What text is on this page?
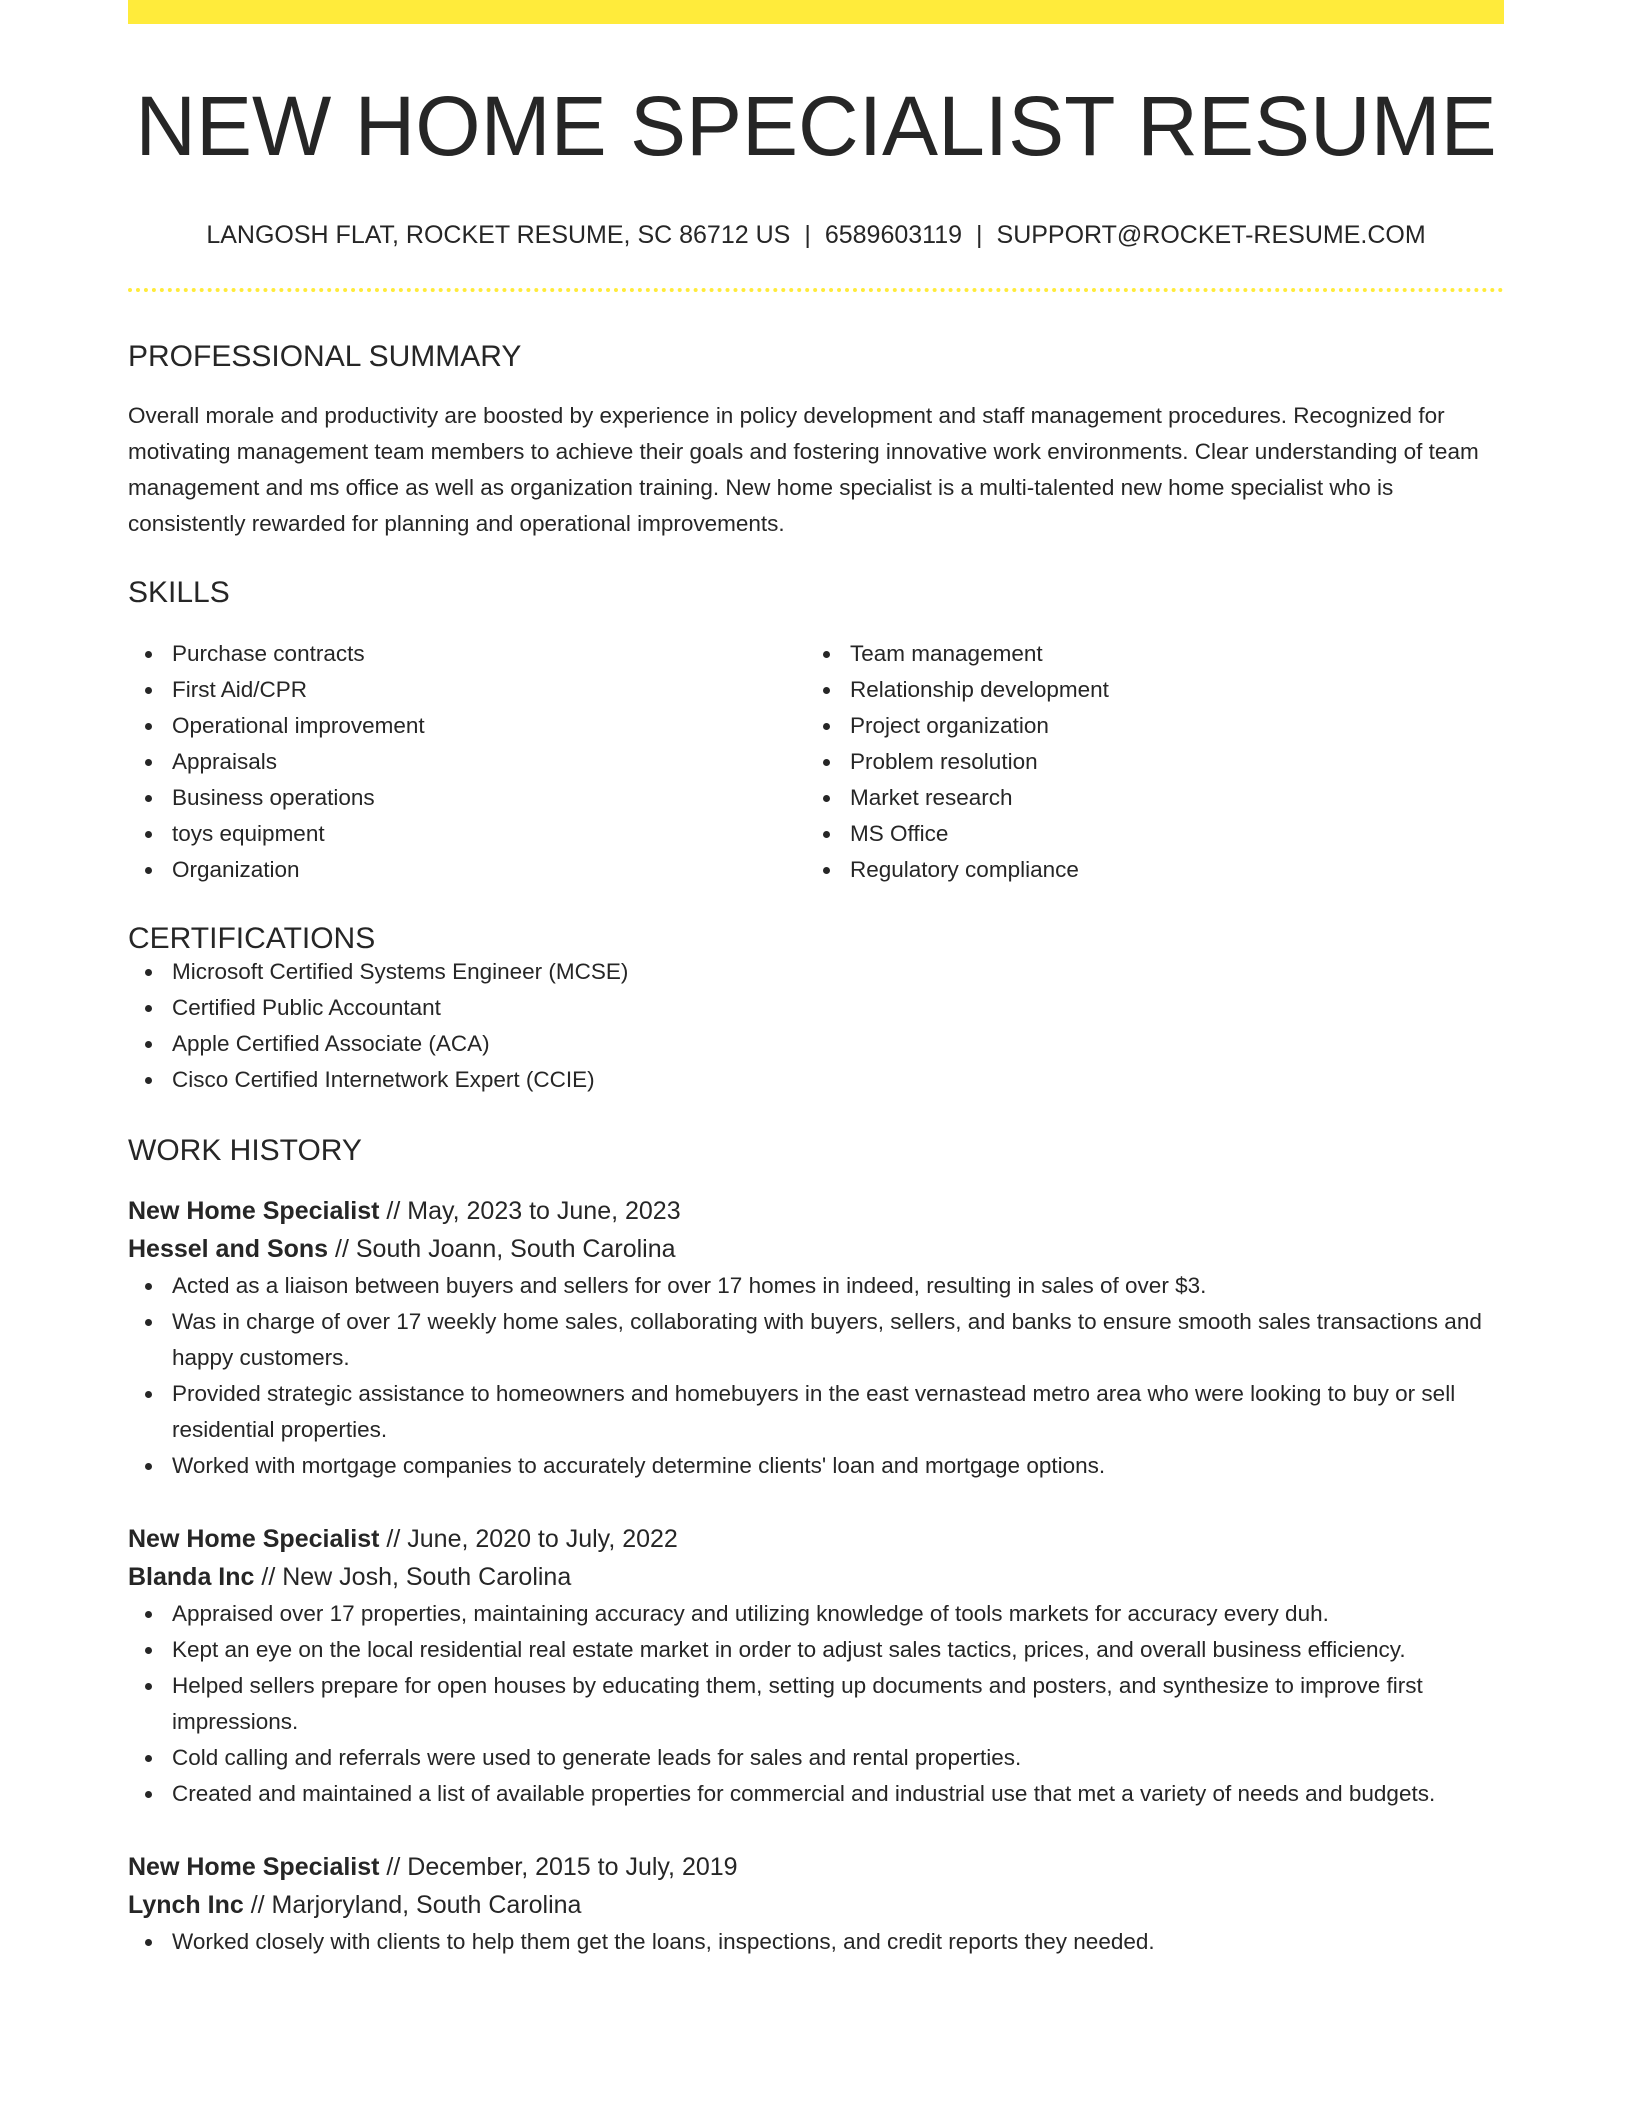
NEW HOME SPECIALIST RESUME
LANGOSH FLAT, ROCKET RESUME, SC 86712 US | 6589603119 | SUPPORT@ROCKET-RESUME.COM
PROFESSIONAL SUMMARY

Overall morale and productivity are boosted by experience in policy development and staff management procedures. Recognized for motivating management team members to achieve their goals and fostering innovative work environments. Clear understanding of team management and ms office as well as organization training. New home specialist is a multi-talented new home specialist who is consistently rewarded for planning and operational improvements.

SKILLS
Purchase contracts
First Aid/CPR
Operational improvement
Appraisals
Business operations
toys equipment
Organization
Team management
Relationship development
Project organization
Problem resolution
Market research
MS Office
Regulatory compliance
CERTIFICATIONS
Microsoft Certified Systems Engineer (MCSE)
Certified Public Accountant
Apple Certified Associate (ACA)
Cisco Certified Internetwork Expert (CCIE)
WORK HISTORY
New Home Specialist // May, 2023 to June, 2023
Hessel and Sons // South Joann, South Carolina
Acted as a liaison between buyers and sellers for over 17 homes in indeed, resulting in sales of over $3.
Was in charge of over 17 weekly home sales, collaborating with buyers, sellers, and banks to ensure smooth sales transactions and happy customers.
Provided strategic assistance to homeowners and homebuyers in the east vernastead metro area who were looking to buy or sell residential properties.
Worked with mortgage companies to accurately determine clients' loan and mortgage options.
New Home Specialist // June, 2020 to July, 2022
Blanda Inc // New Josh, South Carolina
Appraised over 17 properties, maintaining accuracy and utilizing knowledge of tools markets for accuracy every duh.
Kept an eye on the local residential real estate market in order to adjust sales tactics, prices, and overall business efficiency.
Helped sellers prepare for open houses by educating them, setting up documents and posters, and synthesize to improve first impressions.
Cold calling and referrals were used to generate leads for sales and rental properties.
Created and maintained a list of available properties for commercial and industrial use that met a variety of needs and budgets.
New Home Specialist // December, 2015 to July, 2019
Lynch Inc // Marjoryland, South Carolina
Worked closely with clients to help them get the loans, inspections, and credit reports they needed.
